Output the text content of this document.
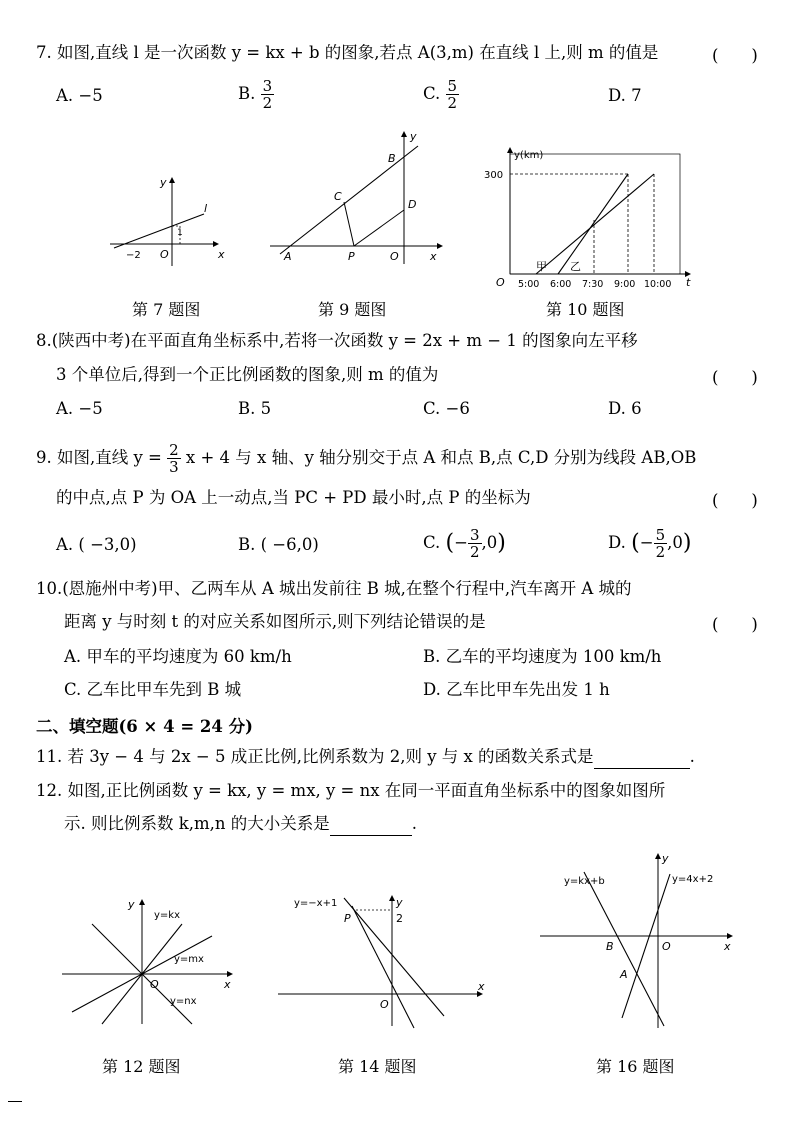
7. 如图,直线 l 是一次函数 y = kx + b 的图象,若点 A(3,m) 在直线 l 上,则 m 的值是	(　　)
A. −5	B. $\frac{3}{2}$	C. $\frac{5}{2}$	D. 7
y
x
l
O
−2
1
B
C
D
A	P	O	x
y
y(km)
300
O	t
甲 乙
5:00 6:00 7:30 9:00 10:00
第 7 题图	第 9 题图	第 10 题图
8.(陕西中考)在平面直角坐标系中,若将一次函数 y = 2x + m − 1 的图象向左平移
3 个单位后,得到一个正比例函数的图象,则 m 的值为	(　　)
A. −5	B. 5	C. −6	D. 6
9. 如图,直线 $y = \frac{2}{3}$ x + 4 与 x 轴、y 轴分别交于点 A 和点 B,点 C,D 分别为线段 AB,OB
的中点,点 P 为 OA 上一动点,当 PC + PD 最小时,点 P 的坐标为	(　　)
A. ( −3,0)	B. ( −6,0)	C. (− $\frac{3}{2} ,0$)	D. (− $\frac{5}{2} ,0$)
10.(恩施州中考)甲、乙两车从 A 城出发前往 B 城,在整个行程中,汽车离开 A 城的
距离 y 与时刻 t 的对应关系如图所示,则下列结论错误的是	(　　)
A. 甲车的平均速度为 60 km/h	B. 乙车的平均速度为 100 km/h
C. 乙车比甲车先到 B 城	D. 乙车比甲车先出发 1 h
二、填空题(6 × 4 = 24 分)
11. 若 3y − 4 与 2x − 5 成正比例,比例系数为 2,则 y 与 x 的函数关系式是	.
12. 如图,正比例函数 y = kx, y = mx, y = nx 在同一平面直角坐标系中的图象如图所
示. 则比例系数 k,m,n 的大小关系是	.
y
x
O
y=kx
y=mx
y=nx
y=−x+1
P	2
y
x
O
y=kx+b	y=4x+2
y
x
O
B
A
第 12 题图	第 14 题图	第 16 题图
